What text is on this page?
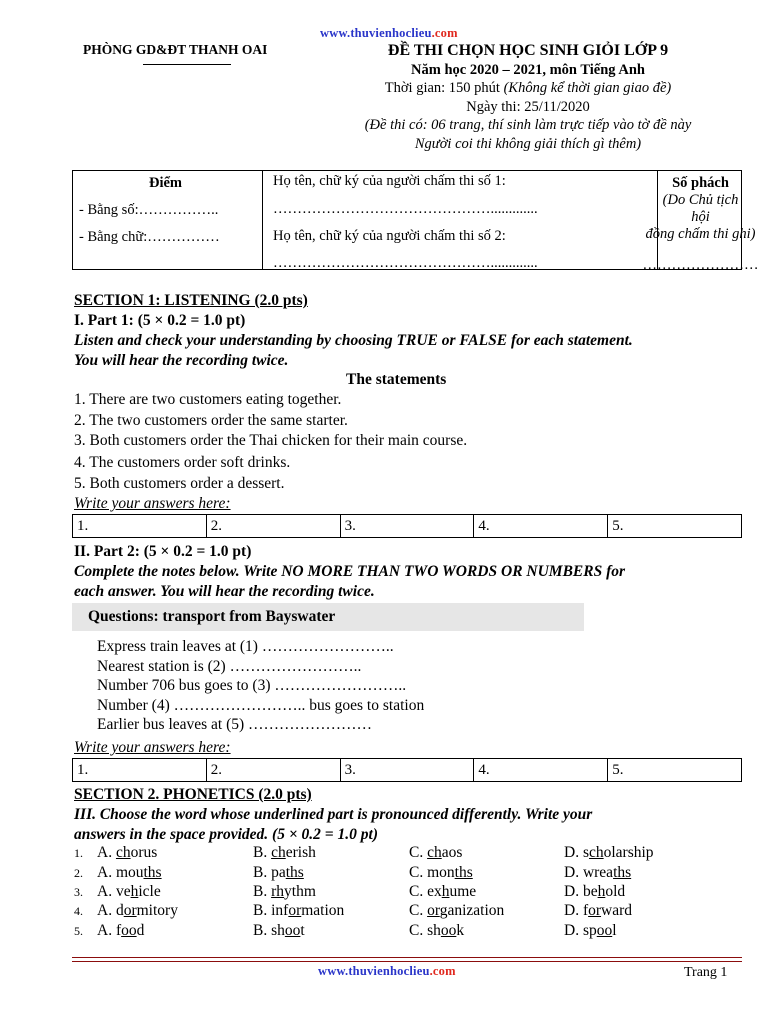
www.thuvienhoclieu.com
PHÒNG GD&ĐT THANH OAI	ĐỀ THI CHỌN HỌC SINH GIỎI LỚP 9
Năm học 2020 – 2021, môn Tiếng Anh
Thời gian: 150 phút (Không kể thời gian giao đề)
Ngày thi: 25/11/2020
(Đề thi có: 06 trang, thí sinh làm trực tiếp vào tờ đề này
Người coi thi không giải thích gì thêm)
Điểm
- Bằng số:……………..
- Bằng chữ:……………
Họ tên, chữ ký của người chấm thi số 1:
……………………………………….............
Họ tên, chữ ký của người chấm thi số 2:
……………………………………….............
Số phách
(Do Chủ tịch hội
đồng chấm thi ghi)
……………………
SECTION 1: LISTENING (2.0 pts)
I. Part 1: (5 × 0.2 = 1.0 pt)
Listen and check your understanding by choosing TRUE or FALSE for each statement.
You will hear the recording twice.
The statements
1. There are two customers eating together.
2. The two customers order the same starter.
3. Both customers order the Thai chicken for their main course.
4. The customers order soft drinks.
5. Both customers order a dessert.
Write your answers here:
1.	2.	3.	4.	5.
II. Part 2: (5 × 0.2 = 1.0 pt)
Complete the notes below. Write NO MORE THAN TWO WORDS OR NUMBERS for
each answer. You will hear the recording twice.
Questions: transport from Bayswater
Express train leaves at (1) ……………………..
Nearest station is (2) ……………………..
Number 706 bus goes to (3) ……………………..
Number (4) …………………….. bus goes to station
Earlier bus leaves at (5) ……………………
Write your answers here:
1.	2.	3.	4.	5.
SECTION 2. PHONETICS (2.0 pts)
III. Choose the word whose underlined part is pronounced differently. Write your
answers in the space provided. (5 × 0.2 = 1.0 pt)
1. A. chorus	B. cherish	C. chaos	D. scholarship
2. A. mouths	B. paths	C. months	D. wreaths
3. A. vehicle	B. rhythm	C. exhume	D. behold
4. A. dormitory	B. information	C. organization	D. forward
5. A. food	B. shoot	C. shook	D. spool
www.thuvienhoclieu.com	Trang 1
